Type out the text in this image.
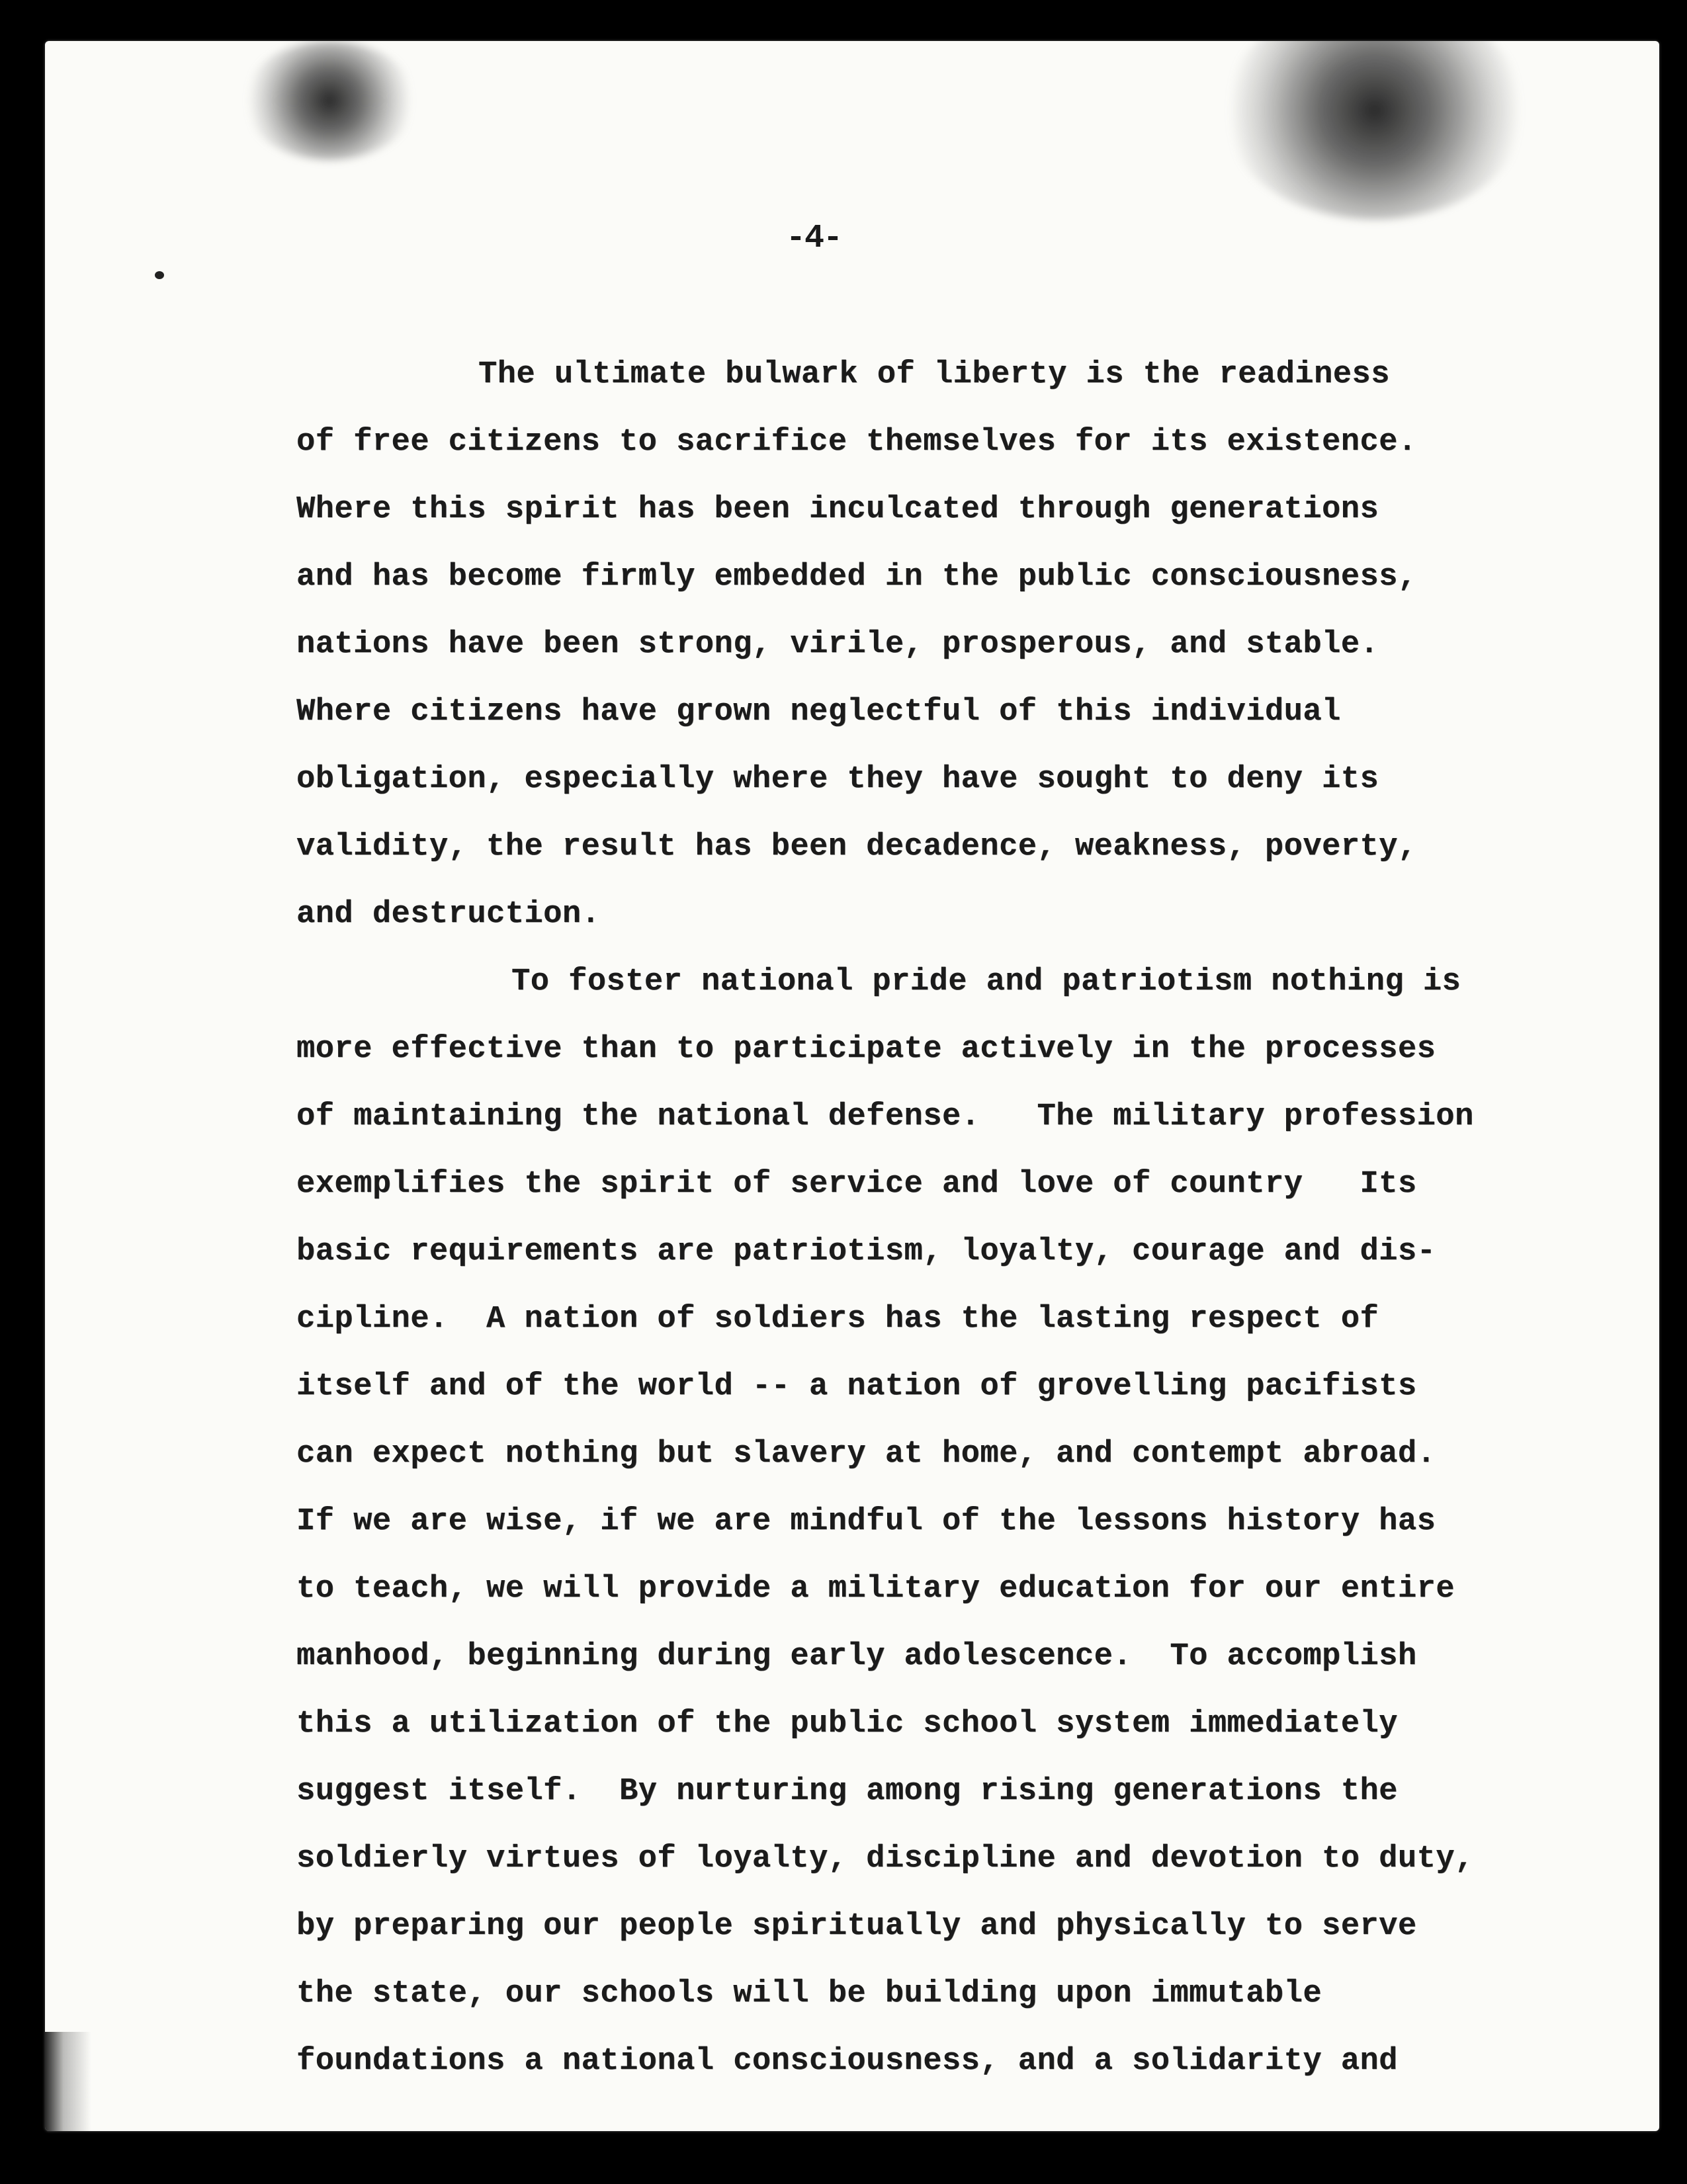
-4-
The ultimate bulwark of liberty is the readiness
of free citizens to sacrifice themselves for its existence.
Where this spirit has been inculcated through generations
and has become firmly embedded in the public consciousness,
nations have been strong, virile, prosperous, and stable.
Where citizens have grown neglectful of this individual
obligation, especially where they have sought to deny its
validity, the result has been decadence, weakness, poverty,
and destruction.
To foster national pride and patriotism nothing is
more effective than to participate actively in the processes
of maintaining the national defense.   The military profession
exemplifies the spirit of service and love of country   Its
basic requirements are patriotism, loyalty, courage and dis-
cipline.  A nation of soldiers has the lasting respect of
itself and of the world -- a nation of grovelling pacifists
can expect nothing but slavery at home, and contempt abroad.
If we are wise, if we are mindful of the lessons history has
to teach, we will provide a military education for our entire
manhood, beginning during early adolescence.  To accomplish
this a utilization of the public school system immediately
suggest itself.  By nurturing among rising generations the
soldierly virtues of loyalty, discipline and devotion to duty,
by preparing our people spiritually and physically to serve
the state, our schools will be building upon immutable
foundations a national consciousness, and a solidarity and
